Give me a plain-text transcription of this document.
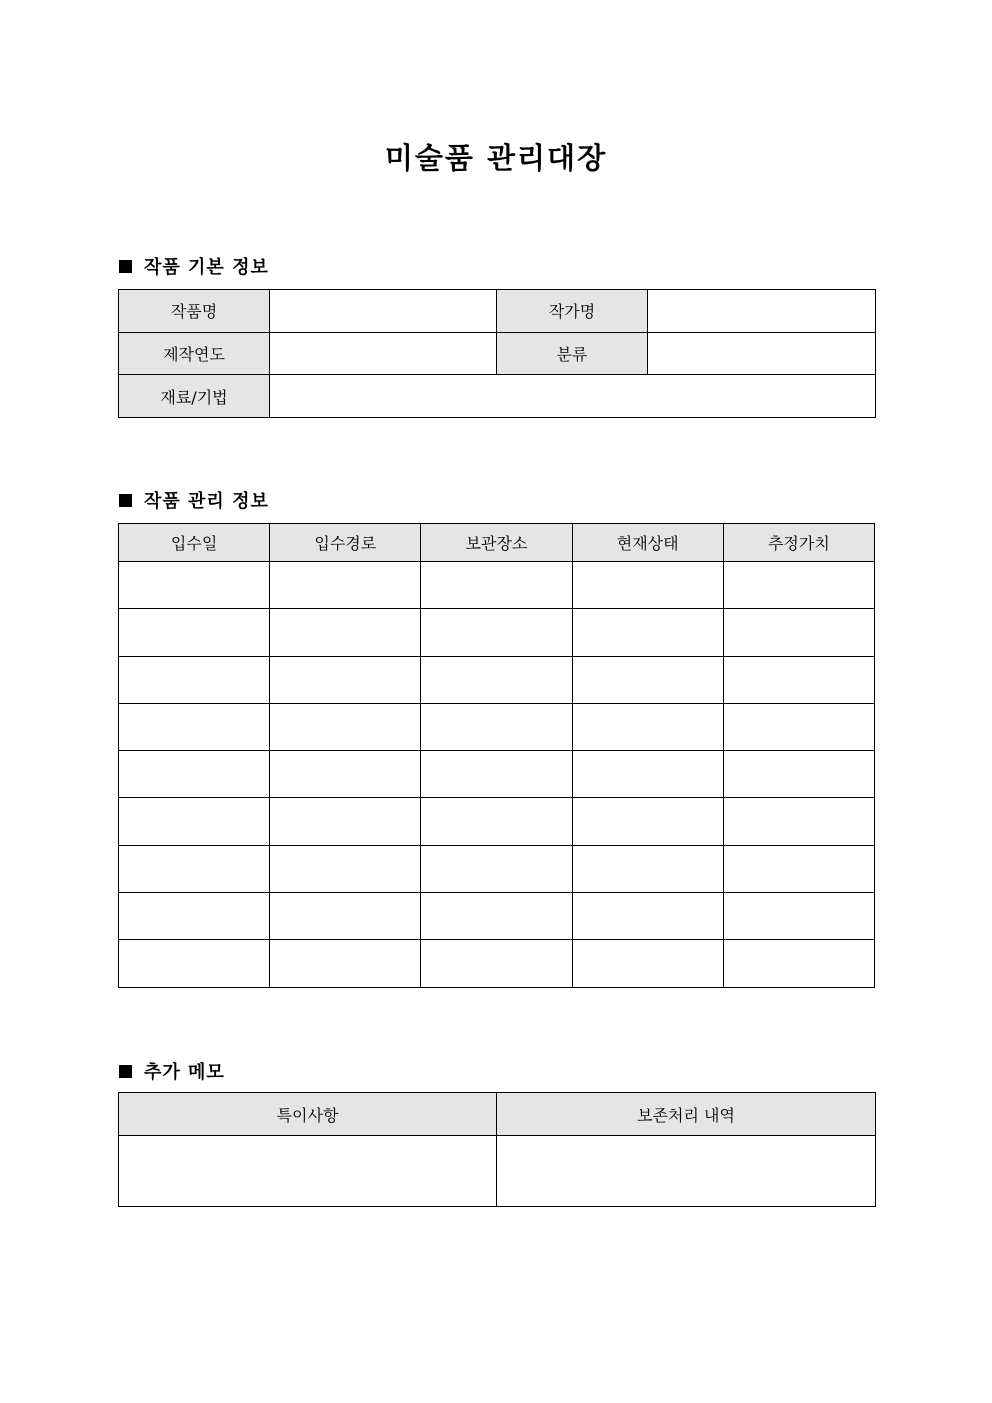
미술품 관리대장
작품 기본 정보
작품명		작가명	
제작연도		분류	
재료/기법			
작품 관리 정보
입수일	입수경로	보관장소	현재상태	추정가치

추가 메모
특이사항	보존처리 내역
